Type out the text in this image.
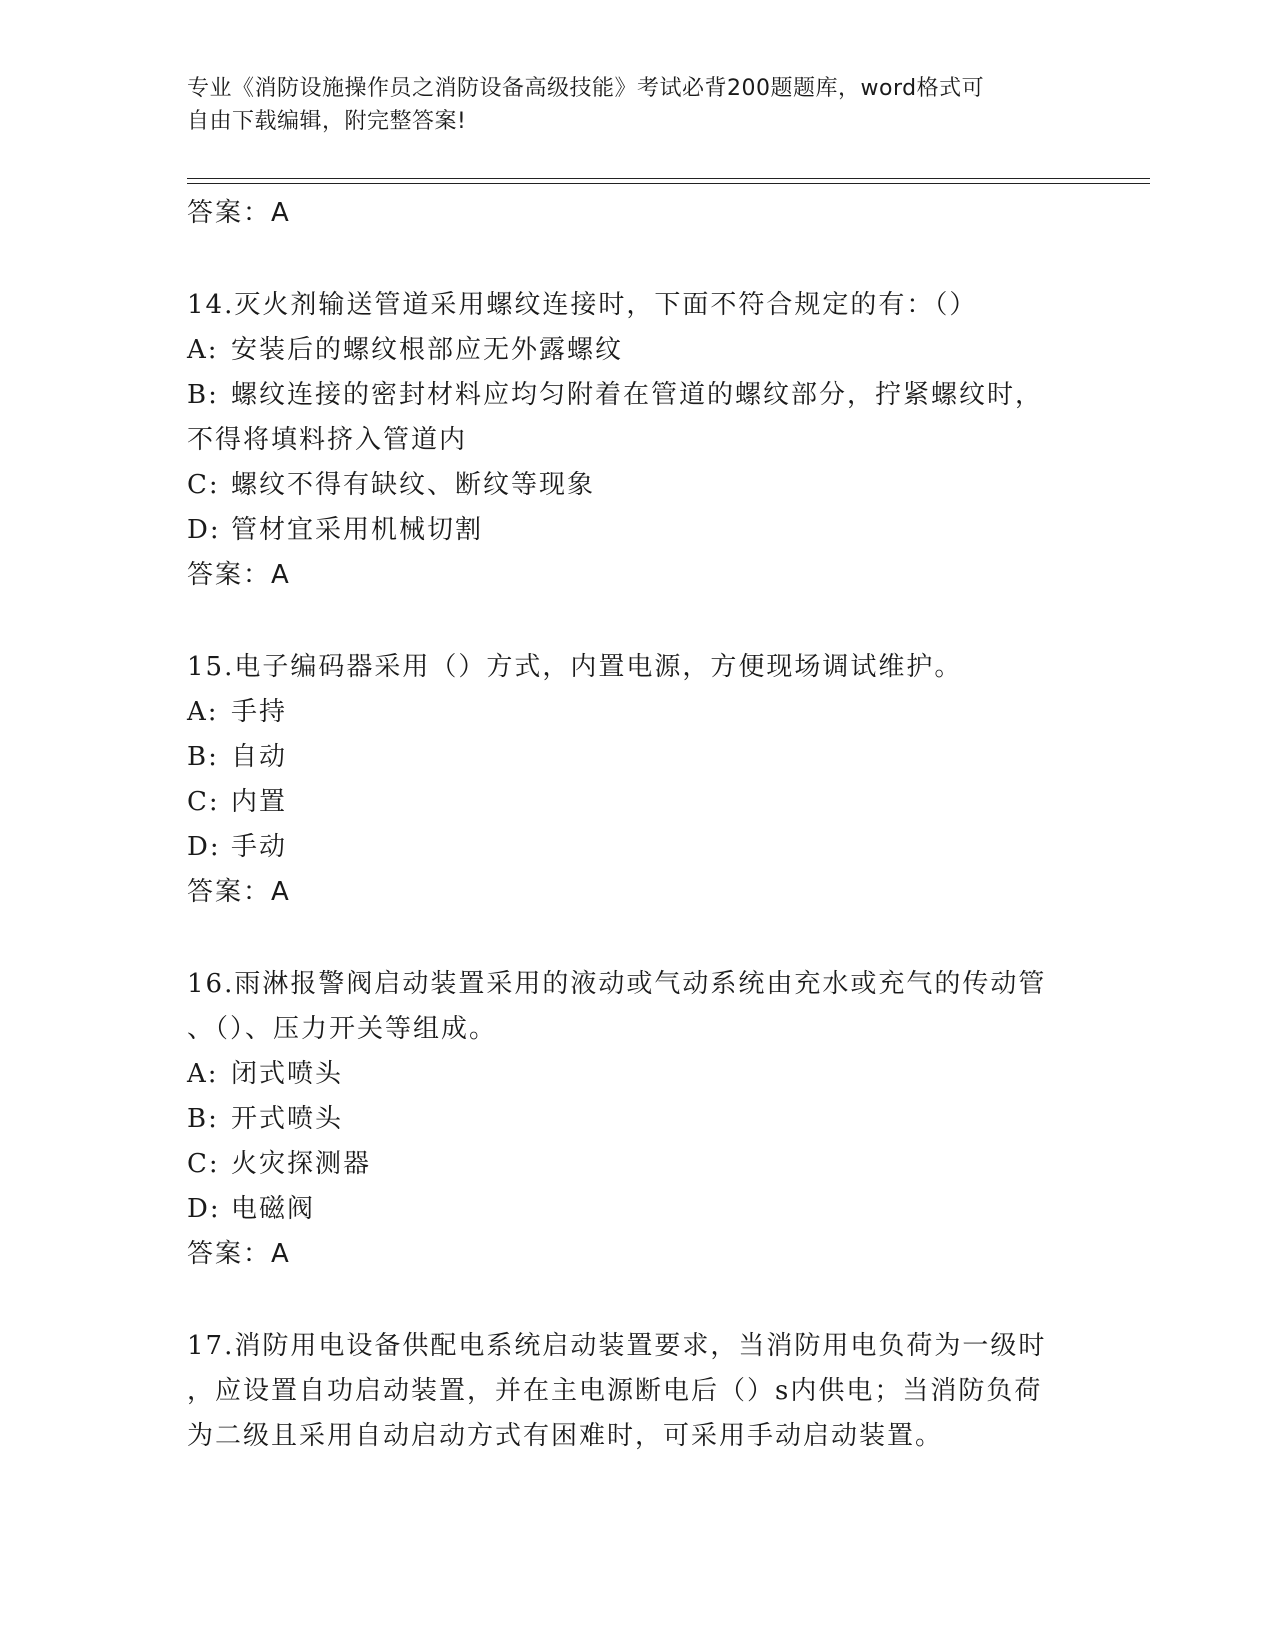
专业《消防设施操作员之消防设备高级技能》考试必背200题题库，word格式可
自由下载编辑，附完整答案!
答案：A
14.灭火剂输送管道采用螺纹连接时，下面不符合规定的有：（）
A: 安装后的螺纹根部应无外露螺纹
B: 螺纹连接的密封材料应均匀附着在管道的螺纹部分，拧紧螺纹时，
不得将填料挤入管道内
C: 螺纹不得有缺纹、断纹等现象
D: 管材宜采用机械切割
答案：A
15.电子编码器采用（）方式，内置电源，方便现场调试维护。
A: 手持
B: 自动
C: 内置
D: 手动
答案：A
16.雨淋报警阀启动装置采用的液动或气动系统由充水或充气的传动管
、（）、压力开关等组成。
A: 闭式喷头
B: 开式喷头
C: 火灾探测器
D: 电磁阀
答案：A
17.消防用电设备供配电系统启动装置要求，当消防用电负荷为一级时
，应设置自功启动装置，并在主电源断电后（）s内供电；当消防负荷
为二级且采用自动启动方式有困难时，可采用手动启动装置。
